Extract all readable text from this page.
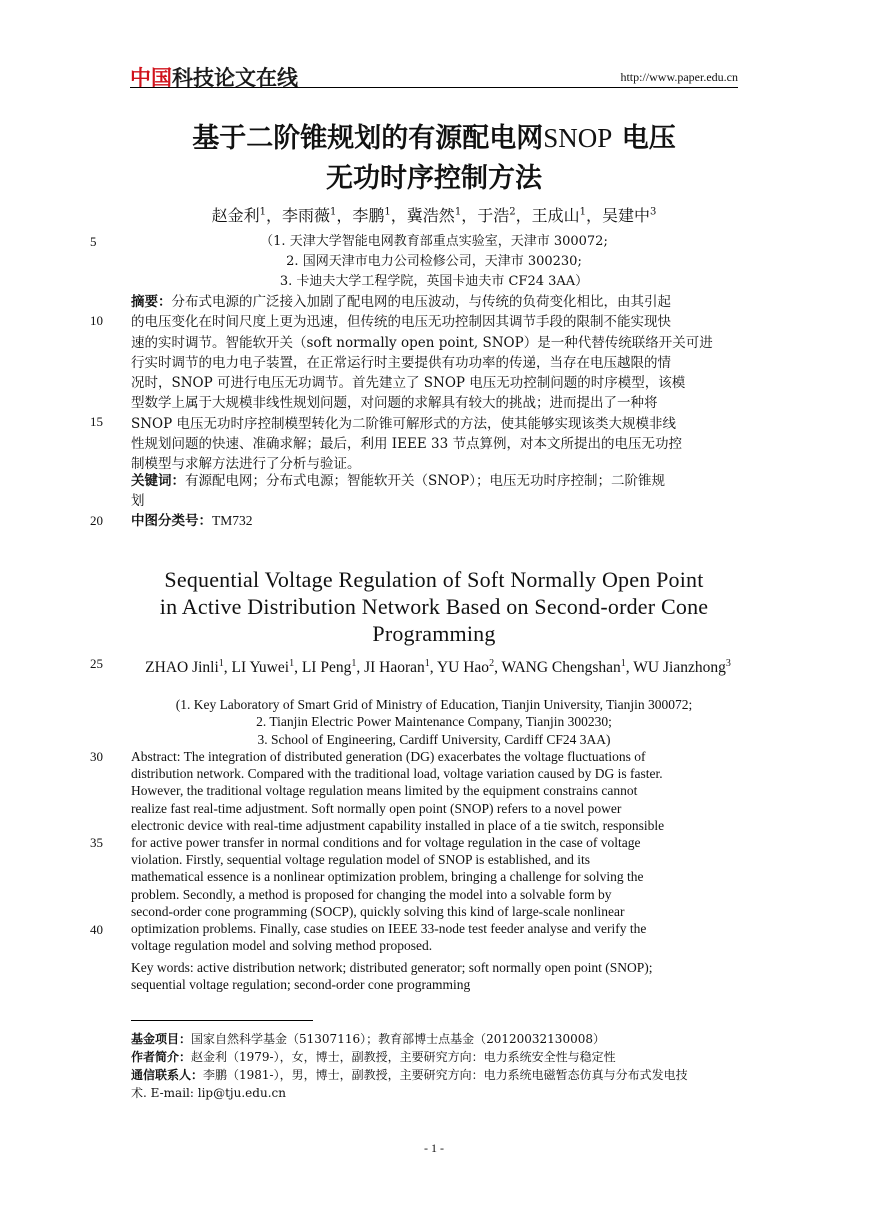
中国科技论文在线	http://www.paper.edu.cn
基于二阶锥规划的有源配电网SNOP 电压
无功时序控制方法
赵金利$^1$，李雨薇$^1$，李鹏$^1$，冀浩然$^1$，于浩$^2$，王成山$^1$，吴建中$^3$
（1. 天津大学智能电网教育部重点实验室，天津市 300072;
2. 国网天津市电力公司检修公司，天津市 300230;
3. 卡迪夫大学工程学院，英国卡迪夫市 CF24 3AA）
5
10
15
20
25
30
35
40
摘要：分布式电源的广泛接入加剧了配电网的电压波动，与传统的负荷变化相比，由其引起
的电压变化在时间尺度上更为迅速，但传统的电压无功控制因其调节手段的限制不能实现快
速的实时调节。智能软开关（soft normally open point, SNOP）是一种代替传统联络开关可进
行实时调节的电力电子装置，在正常运行时主要提供有功功率的传递，当存在电压越限的情
况时，SNOP 可进行电压无功调节。首先建立了 SNOP 电压无功控制问题的时序模型，该模
型数学上属于大规模非线性规划问题，对问题的求解具有较大的挑战；进而提出了一种将
SNOP 电压无功时序控制模型转化为二阶锥可解形式的方法，使其能够实现该类大规模非线
性规划问题的快速、准确求解；最后，利用 IEEE 33 节点算例，对本文所提出的电压无功控
制模型与求解方法进行了分析与验证。
关键词：有源配电网；分布式电源；智能软开关（SNOP）；电压无功时序控制；二阶锥规
划
中图分类号：TM732
Sequential Voltage Regulation of Soft Normally Open Point
in Active Distribution Network Based on Second-order Cone
Programming
ZHAO Jinli$^1$, LI Yuwei$^1$, LI Peng$^1$, JI Haoran$^1$, YU Hao$^2$, WANG Chengshan$^1$, WU Jianzhong$^3$
(1. Key Laboratory of Smart Grid of Ministry of Education, Tianjin University, Tianjin 300072;
2. Tianjin Electric Power Maintenance Company, Tianjin 300230;
3. School of Engineering, Cardiff University, Cardiff CF24 3AA)
Abstract: The integration of distributed generation (DG) exacerbates the voltage fluctuations of
distribution network. Compared with the traditional load, voltage variation caused by DG is faster.
However, the traditional voltage regulation means limited by the equipment constrains cannot
realize fast real-time adjustment. Soft normally open point (SNOP) refers to a novel power
electronic device with real-time adjustment capability installed in place of a tie switch, responsible
for active power transfer in normal conditions and for voltage regulation in the case of voltage
violation. Firstly, sequential voltage regulation model of SNOP is established, and its
mathematical essence is a nonlinear optimization problem, bringing a challenge for solving the
problem. Secondly, a method is proposed for changing the model into a solvable form by
second-order cone programming (SOCP), quickly solving this kind of large-scale nonlinear
optimization problems. Finally, case studies on IEEE 33-node test feeder analyse and verify the
voltage regulation model and solving method proposed.
Key words: active distribution network; distributed generator; soft normally open point (SNOP);
sequential voltage regulation; second-order cone programming
基金项目：国家自然科学基金（51307116）；教育部博士点基金（20120032130008）
作者简介：赵金利（1979-），女，博士，副教授，主要研究方向：电力系统安全性与稳定性
通信联系人：李鹏（1981-），男，博士，副教授，主要研究方向：电力系统电磁暂态仿真与分布式发电技
术. E-mail: lip@tju.edu.cn
- 1 -
